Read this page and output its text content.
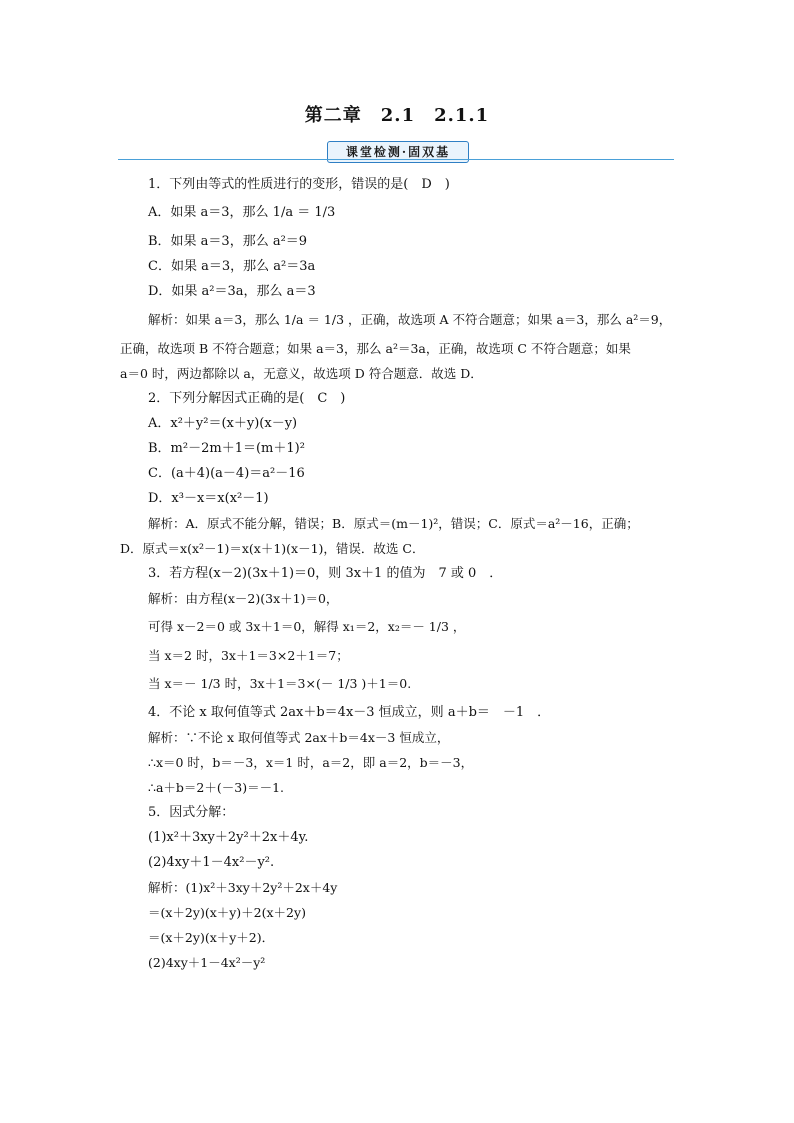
第二章　2.1　2.1.1
课堂检测·固双基
1．下列由等式的性质进行的变形，错误的是(　D　)
A．如果 a＝3，那么 1/a ＝ 1/3
B．如果 a＝3，那么 a²＝9
C．如果 a＝3，那么 a²＝3a
D．如果 a²＝3a，那么 a＝3
解析：如果 a＝3，那么 1/a ＝ 1/3 ，正确，故选项 A 不符合题意；如果 a＝3，那么 a²＝9，
正确，故选项 B 不符合题意；如果 a＝3，那么 a²＝3a，正确，故选项 C 不符合题意；如果
a＝0 时，两边都除以 a，无意义，故选项 D 符合题意．故选 D．
2．下列分解因式正确的是(　C　)
A．x²＋y²＝(x＋y)(x－y)
B．m²－2m＋1＝(m＋1)²
C．(a＋4)(a－4)＝a²－16
D．x³－x＝x(x²－1)
解析：A．原式不能分解，错误；B．原式＝(m－1)²，错误；C．原式＝a²－16，正确；
D．原式＝x(x²－1)＝x(x＋1)(x－1)，错误．故选 C．
3．若方程(x－2)(3x＋1)＝0，则 3x＋1 的值为　7 或 0　．
解析：由方程(x－2)(3x＋1)＝0，
可得 x－2＝0 或 3x＋1＝0，解得 x₁＝2，x₂＝－ 1/3 ，
当 x＝2 时，3x＋1＝3×2＋1＝7；
当 x＝－ 1/3 时，3x＋1＝3×(－ 1/3 )＋1＝0.
4．不论 x 取何值等式 2ax＋b＝4x－3 恒成立，则 a＋b＝　－1　．
解析：∵不论 x 取何值等式 2ax＋b＝4x－3 恒成立，
∴x＝0 时，b＝－3，x＝1 时，a＝2，即 a＝2，b＝－3，
∴a＋b＝2＋(－3)＝－1.
5．因式分解：
(1)x²＋3xy＋2y²＋2x＋4y.
(2)4xy＋1－4x²－y².
解析：(1)x²＋3xy＋2y²＋2x＋4y
＝(x＋2y)(x＋y)＋2(x＋2y)
＝(x＋2y)(x＋y＋2)．
(2)4xy＋1－4x²－y²
